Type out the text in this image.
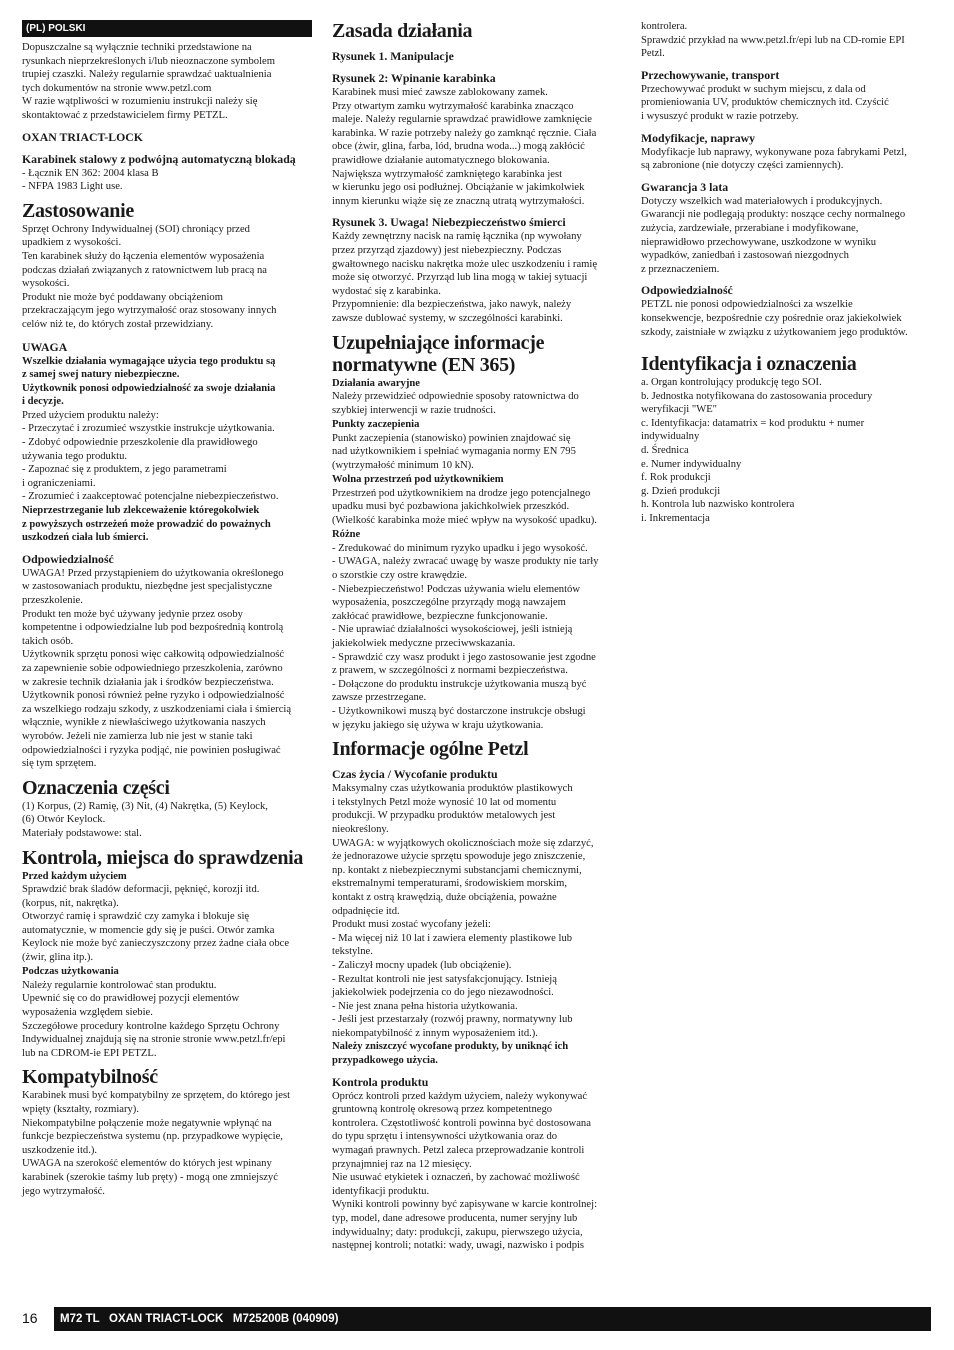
(PL) POLSKI

Dopuszczalne są wyłącznie techniki przedstawione na
rysunkach nieprzekreślonych i/lub nieoznaczone symbolem
trupiej czaszki. Należy regularnie sprawdzać uaktualnienia
tych dokumentów na stronie www.petzl.com
W razie wątpliwości w rozumieniu instrukcji należy się
skontaktować z przedstawicielem firmy PETZL.

OXAN TRIACT-LOCK
Karabinek stalowy z podwójną automatyczną blokadą

- Łącznik EN 362: 2004 klasa B
- NFPA 1983 Light use.

Zastosowanie

Sprzęt Ochrony Indywidualnej (SOI) chroniący przed
upadkiem z wysokości.
Ten karabinek służy do łączenia elementów wyposażenia
podczas działań związanych z ratownictwem lub pracą na
wysokości.
Produkt nie może być poddawany obciążeniom
przekraczającym jego wytrzymałość oraz stosowany innych
celów niż te, do których został przewidziany.

UWAGA

Wszelkie działania wymagające użycia tego produktu są
z samej swej natury niebezpieczne.
Użytkownik ponosi odpowiedzialność za swoje działania
i decyzje.

Przed użyciem produktu należy:
- Przeczytać i zrozumieć wszystkie instrukcje użytkowania.
- Zdobyć odpowiednie przeszkolenie dla prawidłowego
używania tego produktu.
- Zapoznać się z produktem, z jego parametrami
i ograniczeniami.
- Zrozumieć i zaakceptować potencjalne niebezpieczeństwo.

Nieprzestrzeganie lub zlekceważenie któregokolwiek
z powyższych ostrzeżeń może prowadzić do poważnych
uszkodzeń ciała lub śmierci.

Odpowiedzialność

UWAGA! Przed przystąpieniem do użytkowania określonego
w zastosowaniach produktu, niezbędne jest specjalistyczne
przeszkolenie.
Produkt ten może być używany jedynie przez osoby
kompetentne i odpowiedzialne lub pod bezpośrednią kontrolą
takich osób.
Użytkownik sprzętu ponosi więc całkowitą odpowiedzialność
za zapewnienie sobie odpowiedniego przeszkolenia, zarówno
w zakresie technik działania jak i środków bezpieczeństwa.
Użytkownik ponosi również pełne ryzyko i odpowiedzialność
za wszelkiego rodzaju szkody, z uszkodzeniami ciała i śmiercią
włącznie, wynikłe z niewłaściwego użytkowania naszych
wyrobów. Jeżeli nie zamierza lub nie jest w stanie taki
odpowiedzialności i ryzyka podjąć, nie powinien posługiwać
się tym sprzętem.

Oznaczenia części

(1) Korpus, (2) Ramię, (3) Nit, (4) Nakrętka, (5) Keylock,
(6) Otwór Keylock.
Materiały podstawowe: stal.

Kontrola, miejsca do sprawdzenia
Przed każdym użyciem

Sprawdzić brak śladów deformacji, pęknięć, korozji itd.
(korpus, nit, nakrętka).
Otworzyć ramię i sprawdzić czy zamyka i blokuje się
automatycznie, w momencie gdy się je puści. Otwór zamka
Keylock nie może być zanieczyszczony przez żadne ciała obce
(żwir, glina itp.).

Podczas użytkowania

Należy regularnie kontrolować stan produktu.
Upewnić się co do prawidłowej pozycji elementów
wyposażenia względem siebie.
Szczegółowe procedury kontrolne każdego Sprzętu Ochrony
Indywidualnej znajdują się na stronie stronie www.petzl.fr/epi
lub na CDROM-ie EPI PETZL.

Kompatybilność

Karabinek musi być kompatybilny ze sprzętem, do którego jest
wpięty (kształty, rozmiary).
Niekompatybilne połączenie może negatywnie wpłynąć na
funkcje bezpieczeństwa systemu (np. przypadkowe wypięcie,
uszkodzenie itd.).
UWAGA na szerokość elementów do których jest wpinany
karabinek (szerokie taśmy lub pręty) - mogą one zmniejszyć
jego wytrzymałość.

Zasada działania
Rysunek 1. Manipulacje
Rysunek 2: Wpinanie karabinka

Karabinek musi mieć zawsze zablokowany zamek.
Przy otwartym zamku wytrzymałość karabinka znacząco
maleje. Należy regularnie sprawdzać prawidłowe zamknięcie
karabinka. W razie potrzeby należy go zamknąć ręcznie. Ciała
obce (żwir, glina, farba, lód, brudna woda...) mogą zakłócić
prawidłowe działanie automatycznego blokowania.
Największa wytrzymałość zamkniętego karabinka jest
w kierunku jego osi podłużnej. Obciążanie w jakimkolwiek
innym kierunku wiąże się ze znaczną utratą wytrzymałości.

Rysunek 3. Uwaga! Niebezpieczeństwo śmierci

Każdy zewnętrzny nacisk na ramię łącznika (np wywołany
przez przyrząd zjazdowy) jest niebezpieczny. Podczas
gwałtownego nacisku nakrętka może ulec uszkodzeniu i ramię
może się otworzyć. Przyrząd lub lina mogą w takiej sytuacji
wydostać się z karabinka.
Przypomnienie: dla bezpieczeństwa, jako nawyk, należy
zawsze dublować systemy, w szczególności karabinki.

Uzupełniające informacje
normatywne (EN 365)
Działania awaryjne

Należy przewidzieć odpowiednie sposoby ratownictwa do
szybkiej interwencji w razie trudności.

Punkty zaczepienia

Punkt zaczepienia (stanowisko) powinien znajdować się
nad użytkownikiem i spełniać wymagania normy EN 795
(wytrzymałość minimum 10 kN).

Wolna przestrzeń pod użytkownikiem

Przestrzeń pod użytkownikiem na drodze jego potencjalnego
upadku musi być pozbawiona jakichkolwiek przeszkód.
(Wielkość karabinka może mieć wpływ na wysokość upadku).

Różne

- Zredukować do minimum ryzyko upadku i jego wysokość.
- UWAGA, należy zwracać uwagę by wasze produkty nie tarły
o szorstkie czy ostre krawędzie.
- Niebezpieczeństwo! Podczas używania wielu elementów
wyposażenia, poszczególne przyrządy mogą nawzajem
zakłócać prawidłowe, bezpieczne funkcjonowanie.
- Nie uprawiać działalności wysokościowej, jeśli istnieją
jakiekolwiek medyczne przeciwwskazania.
- Sprawdzić czy wasz produkt i jego zastosowanie jest zgodne
z prawem, w szczególności z normami bezpieczeństwa.
- Dołączone do produktu instrukcje użytkowania muszą być
zawsze przestrzegane.
- Użytkownikowi muszą być dostarczone instrukcje obsługi
w języku jakiego się używa w kraju użytkowania.

Informacje ogólne Petzl
Czas życia / Wycofanie produktu

Maksymalny czas użytkowania produktów plastikowych
i tekstylnych Petzl może wynosić 10 lat od momentu
produkcji. W przypadku produktów metalowych jest
nieokreślony.
UWAGA: w wyjątkowych okolicznościach może się zdarzyć,
że jednorazowe użycie sprzętu spowoduje jego zniszczenie,
np. kontakt z niebezpiecznymi substancjami chemicznymi,
ekstremalnymi temperaturami, środowiskiem morskim,
kontakt z ostrą krawędzią, duże obciążenia, poważne
odpadnięcie itd.
Produkt musi zostać wycofany jeżeli:
- Ma więcej niż 10 lat i zawiera elementy plastikowe lub
tekstylne.
- Zaliczył mocny upadek (lub obciążenie).
- Rezultat kontroli nie jest satysfakcjonujący. Istnieją
jakiekolwiek podejrzenia co do jego niezawodności.
- Nie jest znana pełna historia użytkowania.
- Jeśli jest przestarzały (rozwój prawny, normatywny lub
niekompatybilność z innym wyposażeniem itd.).

Należy zniszczyć wycofane produkty, by uniknąć ich
przypadkowego użycia.

Kontrola produktu

Oprócz kontroli przed każdym użyciem, należy wykonywać
gruntowną kontrolę okresową przez kompetentnego
kontrolera. Częstotliwość kontroli powinna być dostosowana
do typu sprzętu i intensywności użytkowania oraz do
wymagań prawnych. Petzl zaleca przeprowadzanie kontroli
przynajmniej raz na 12 miesięcy.
Nie usuwać etykietek i oznaczeń, by zachować możliwość
identyfikacji produktu.
Wyniki kontroli powinny być zapisywane w karcie kontrolnej:
typ, model, dane adresowe producenta, numer seryjny lub
indywidualny; daty: produkcji, zakupu, pierwszego użycia,
następnej kontroli; notatki: wady, uwagi, nazwisko i podpis

kontrolera.
Sprawdzić przykład na www.petzl.fr/epi lub na CD-romie EPI
Petzl.

Przechowywanie, transport

Przechowywać produkt w suchym miejscu, z dala od
promieniowania UV, produktów chemicznych itd. Czyścić
i wysuszyć produkt w razie potrzeby.

Modyfikacje, naprawy

Modyfikacje lub naprawy, wykonywane poza fabrykami Petzl,
są zabronione (nie dotyczy części zamiennych).

Gwarancja 3 lata

Dotyczy wszelkich wad materiałowych i produkcyjnych.
Gwarancji nie podlegają produkty: noszące cechy normalnego
zużycia, zardzewiałe, przerabiane i modyfikowane,
nieprawidłowo przechowywane, uszkodzone w wyniku
wypadków, zaniedbań i zastosowań niezgodnych
z przeznaczeniem.

Odpowiedzialność

PETZL nie ponosi odpowiedzialności za wszelkie
konsekwencje, bezpośrednie czy pośrednie oraz jakiekolwiek
szkody, zaistniałe w związku z użytkowaniem jego produktów.

Identyfikacja i oznaczenia

a. Organ kontrolujący produkcję tego SOI.
b. Jednostka notyfikowana do zastosowania procedury
weryfikacji "WE"
c. Identyfikacja: datamatrix = kod produktu + numer
indywidualny
d. Średnica
e. Numer indywidualny
f. Rok produkcji
g. Dzień produkcji
h. Kontrola lub nazwisko kontrolera
i. Inkrementacja

16	M72 TL   OXAN TRIACT-LOCK   M725200B (040909)
